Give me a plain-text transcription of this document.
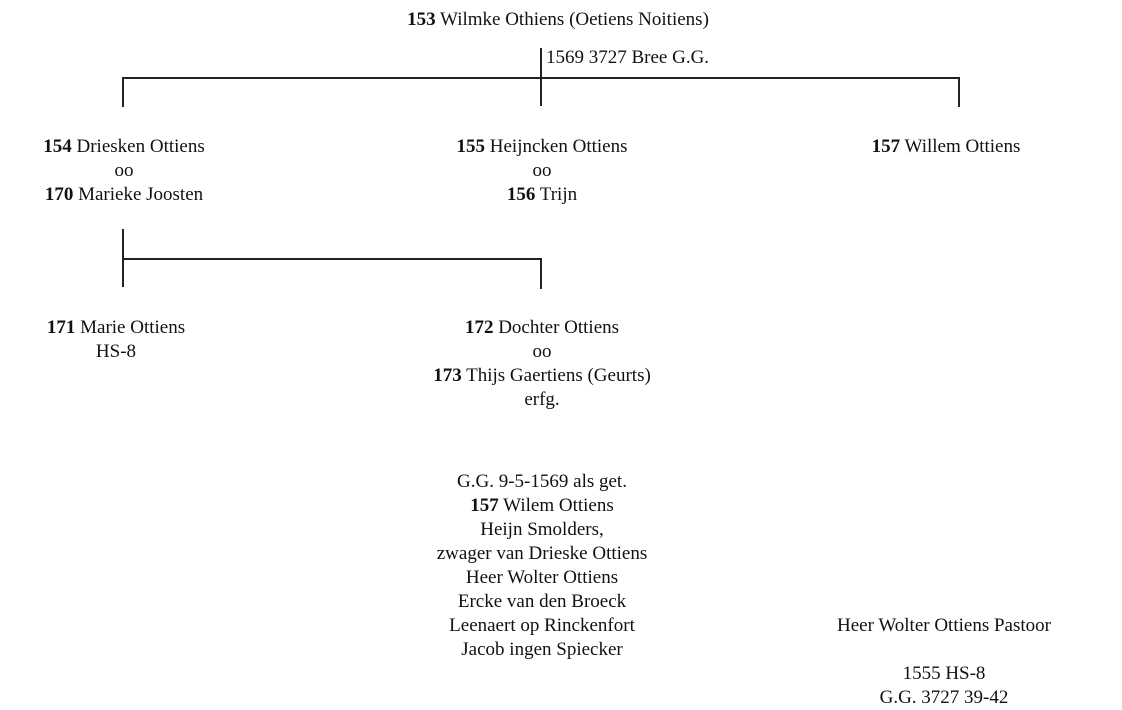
153 Wilmke Othiens (Oetiens Noitiens)
1569 3727 Bree G.G.
154 Driesken Ottiens
oo
170 Marieke Joosten
155 Heijncken Ottiens
oo
156 Trijn
157 Willem Ottiens
171 Marie Ottiens
HS-8
172 Dochter Ottiens
oo
173 Thijs Gaertiens (Geurts)
erfg.
G.G. 9-5-1569 als get.
157 Wilem Ottiens
Heijn Smolders,
zwager van Drieske Ottiens
Heer Wolter Ottiens
Ercke van den Broeck
Leenaert op Rinckenfort
Jacob ingen Spiecker
Heer Wolter Ottiens Pastoor
1555 HS-8
G.G. 3727 39-42
